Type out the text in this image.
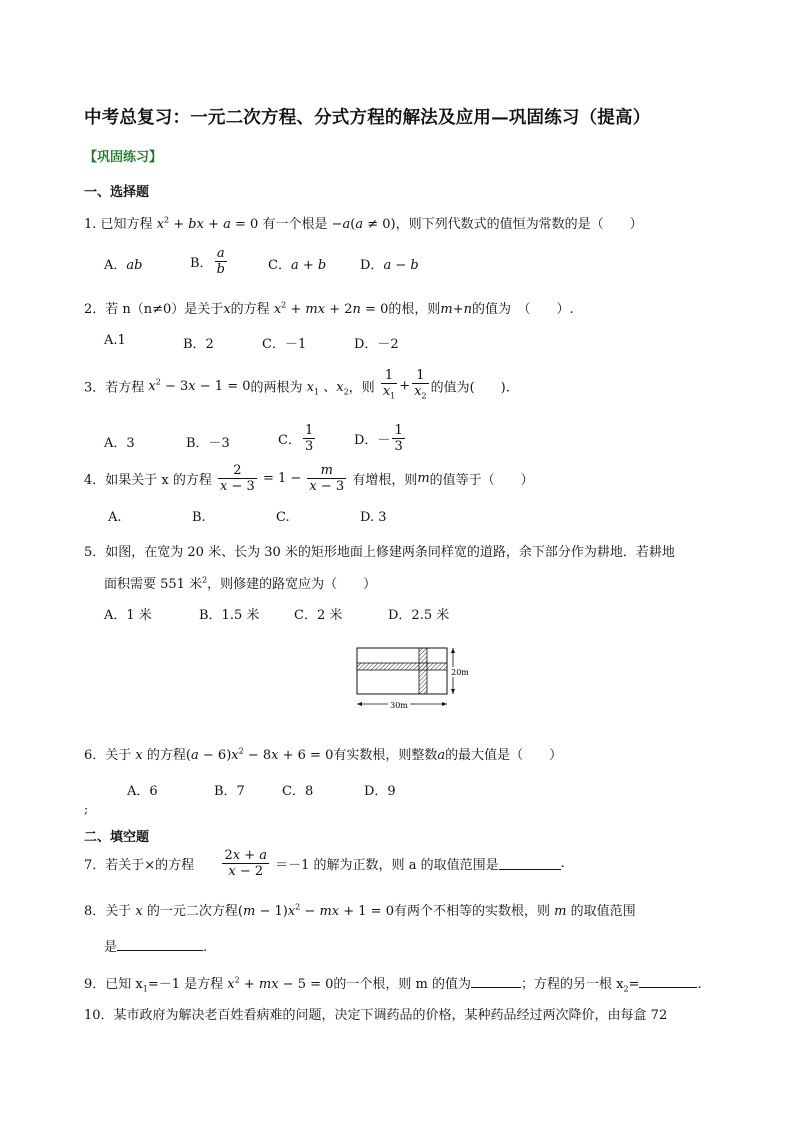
中考总复习：一元二次方程、分式方程的解法及应用—巩固练习（提高）
【巩固练习】
一、选择题
1. 已知方程 $x^2$ + bx + a = 0 有一个根是 −a(a ≠ 0)，则下列代数式的值恒为常数的是（　　）
A．ab	B． $\frac{a}{b}$	C．a + b	D．a − b
2．若 n（n≠0）是关于x的方程 $x^2$ + mx + 2n = 0的根，则m+n的值为　（　　）.
A.1	B．2	C．－1	D．－2
3．若方程 $x^2 - 3x - 1 = 0$的两根为 $x_1$ 、$x_2$，则 $\frac{1}{x_1} + \frac{1}{x_2}$ 的值为(　　).
A．3	B．－3	C． $\frac{1}{3}$	D．－ $\frac{1}{3}$
4．如果关于 x 的方程 $\frac{2}{x - 3} = 1 - \frac{m}{x - 3}$ 有增根，则m的值等于（　　）
A.	B.	C.	D. 3
5．如图，在宽为 20 米、长为 30 米的矩形地面上修建两条同样宽的道路，余下部分作为耕地．若耕地
面积需要 551 米$^2$，则修建的路宽应为（　　）
A．1 米	B．1.5 米	C．2 米	D．2.5 米
30m
20m
6．关于 x 的方程$(a - 6)x^2 - 8x + 6 = 0$有实数根，则整数a的最大值是（　　）
A．6	B．7	C．8	D．9
;
二、填空题
7．若关于×的方程 $\frac{2x + a}{x - 2} =-1$ 的解为正数，则 a 的取值范围是	.
8．关于 x 的一元二次方程$(m - 1)x^2$ − mx + 1 = 0有两个不相等的实数根，则 m 的取值范围
是	.
9．已知 $x_1=-1$ 是方程 $x^2$ + mx − 5 = 0的一个根，则 m 的值为	；方程的另一根 $x_2=$	.
10．某市政府为解决老百姓看病难的问题，决定下调药品的价格，某种药品经过两次降价，由每盒 72
